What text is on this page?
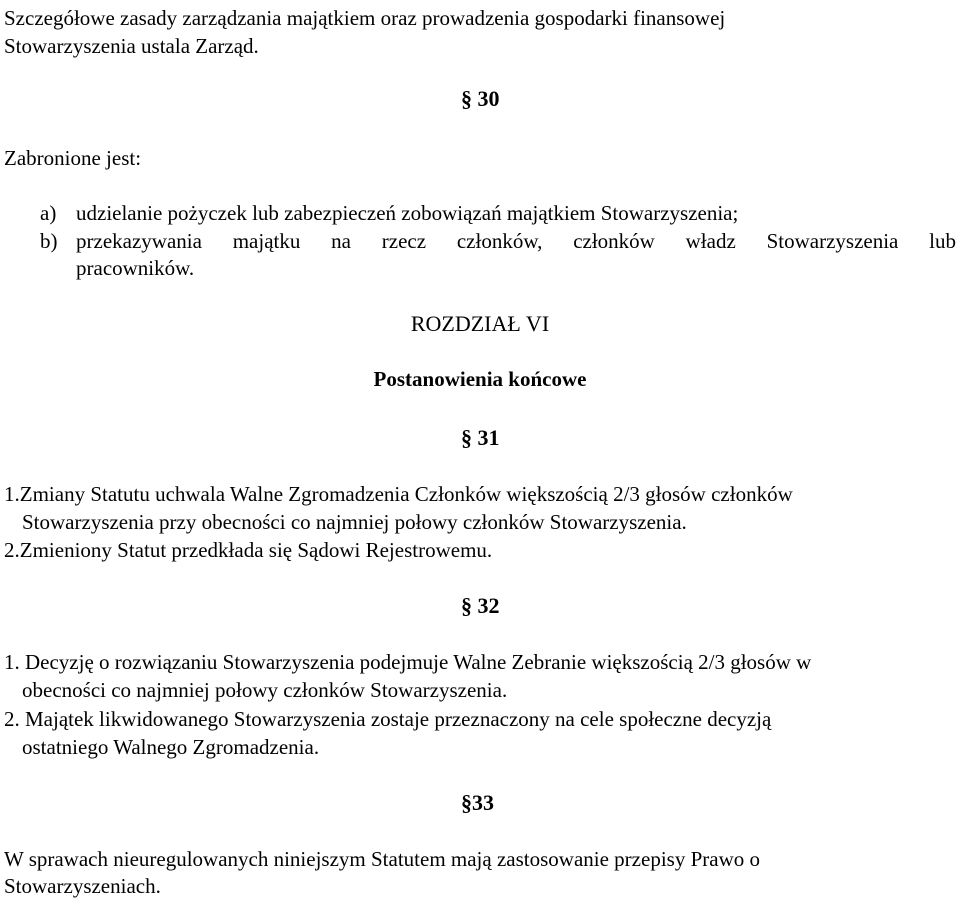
Szczegółowe zasady zarządzania majątkiem oraz prowadzenia gospodarki finansowej
Stowarzyszenia ustala Zarząd.
§ 30
Zabronione jest:
a) udzielanie pożyczek lub zabezpieczeń zobowiązań majątkiem Stowarzyszenia;
b) przekazywania majątku na rzecz członków, członków władz Stowarzyszenia lub
pracowników.
ROZDZIAŁ VI
Postanowienia końcowe
§ 31
1.Zmiany Statutu uchwala Walne Zgromadzenia Członków większością 2/3 głosów członków
Stowarzyszenia przy obecności co najmniej połowy członków Stowarzyszenia.
2.Zmieniony Statut przedkłada się Sądowi Rejestrowemu.
§ 32
1. Decyzję o rozwiązaniu Stowarzyszenia podejmuje Walne Zebranie większością 2/3 głosów w
obecności co najmniej połowy członków Stowarzyszenia.
2. Majątek likwidowanego Stowarzyszenia zostaje przeznaczony na cele społeczne decyzją
ostatniego Walnego Zgromadzenia.
§33
W sprawach nieuregulowanych niniejszym Statutem mają zastosowanie przepisy Prawo o
Stowarzyszeniach.
